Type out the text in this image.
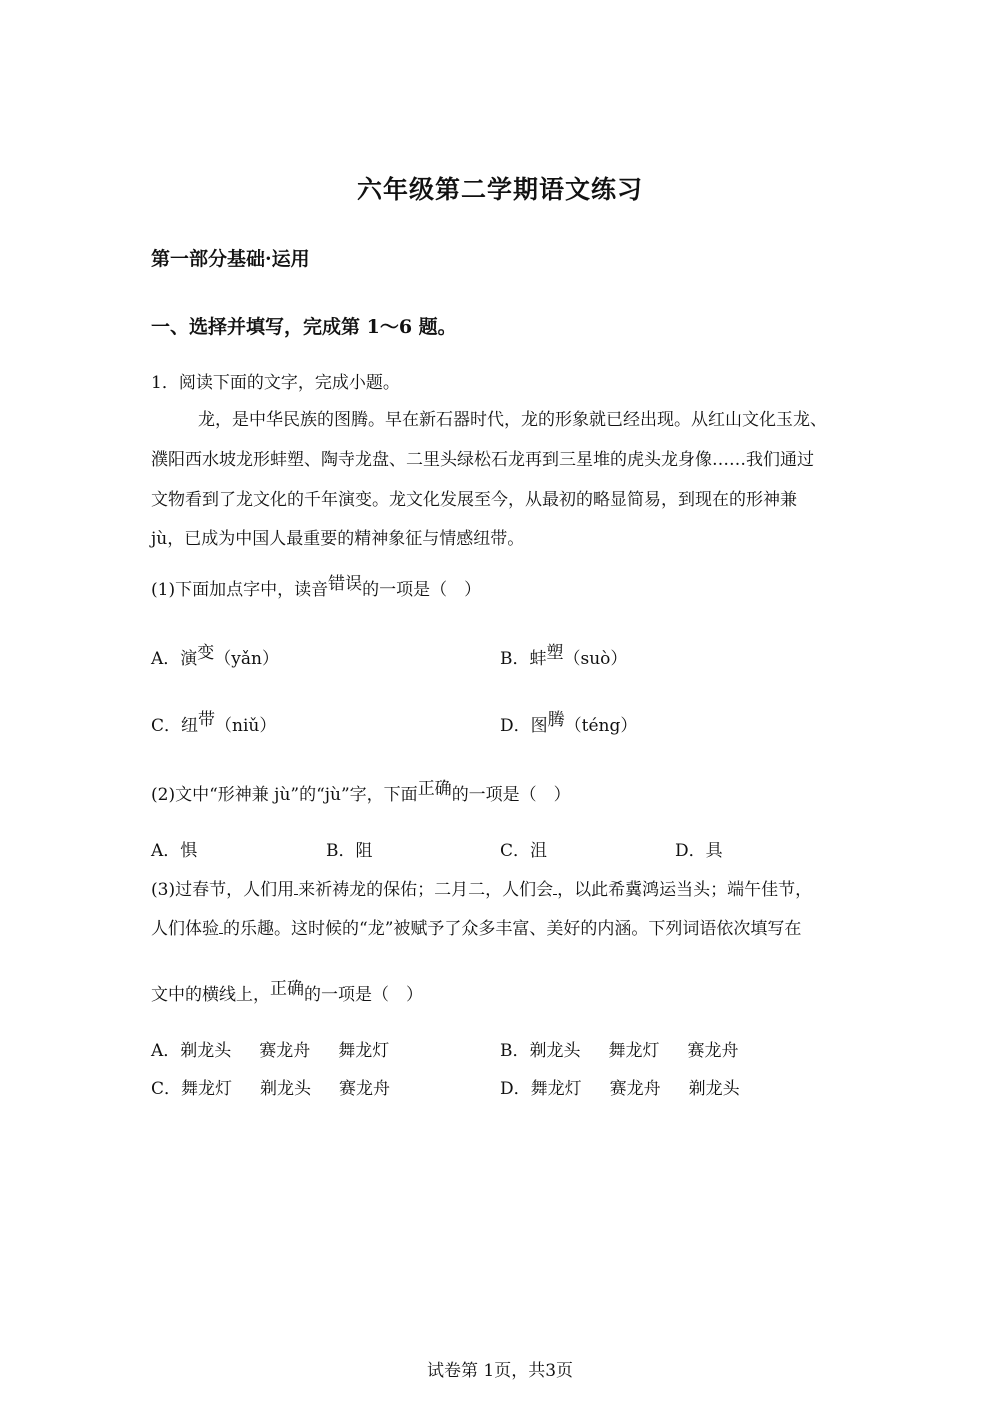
六年级第二学期语文练习
第一部分基础·运用
一、选择并填写，完成第 1～6 题。
1．阅读下面的文字，完成小题。
龙，是中华民族的图腾。早在新石器时代，龙的形象就已经出现。从红山文化玉龙、
濮阳西水坡龙形蚌塑、陶寺龙盘、二里头绿松石龙再到三星堆的虎头龙身像……我们通过
文物看到了龙文化的千年演变。龙文化发展至今，从最初的略显简易，到现在的形神兼
jù，已成为中国人最重要的精神象征与情感纽带。
(1)下面加点字中，读音错误的一项是（　）
A．演变（yǎn）	B．蚌塑（suò）
C．纽带（niǔ）	D．图腾（téng）
(2)文中“形神兼 jù”的“jù”字，下面正确的一项是（　）
A．惧	B．阻	C．沮	D．具
(3)过春节，人们用 来祈祷龙的保佑；二月二，人们会 ，以此希冀鸿运当头；端午佳节，
人们体验 的乐趣。这时候的“龙”被赋予了众多丰富、美好的内涵。下列词语依次填写在
文中的横线上，正确的一项是（　）
A．剃龙头 赛龙舟 舞龙灯	B．剃龙头 舞龙灯 赛龙舟
C．舞龙灯 剃龙头 赛龙舟	D．舞龙灯 赛龙舟 剃龙头
试卷第 1页，共3页
